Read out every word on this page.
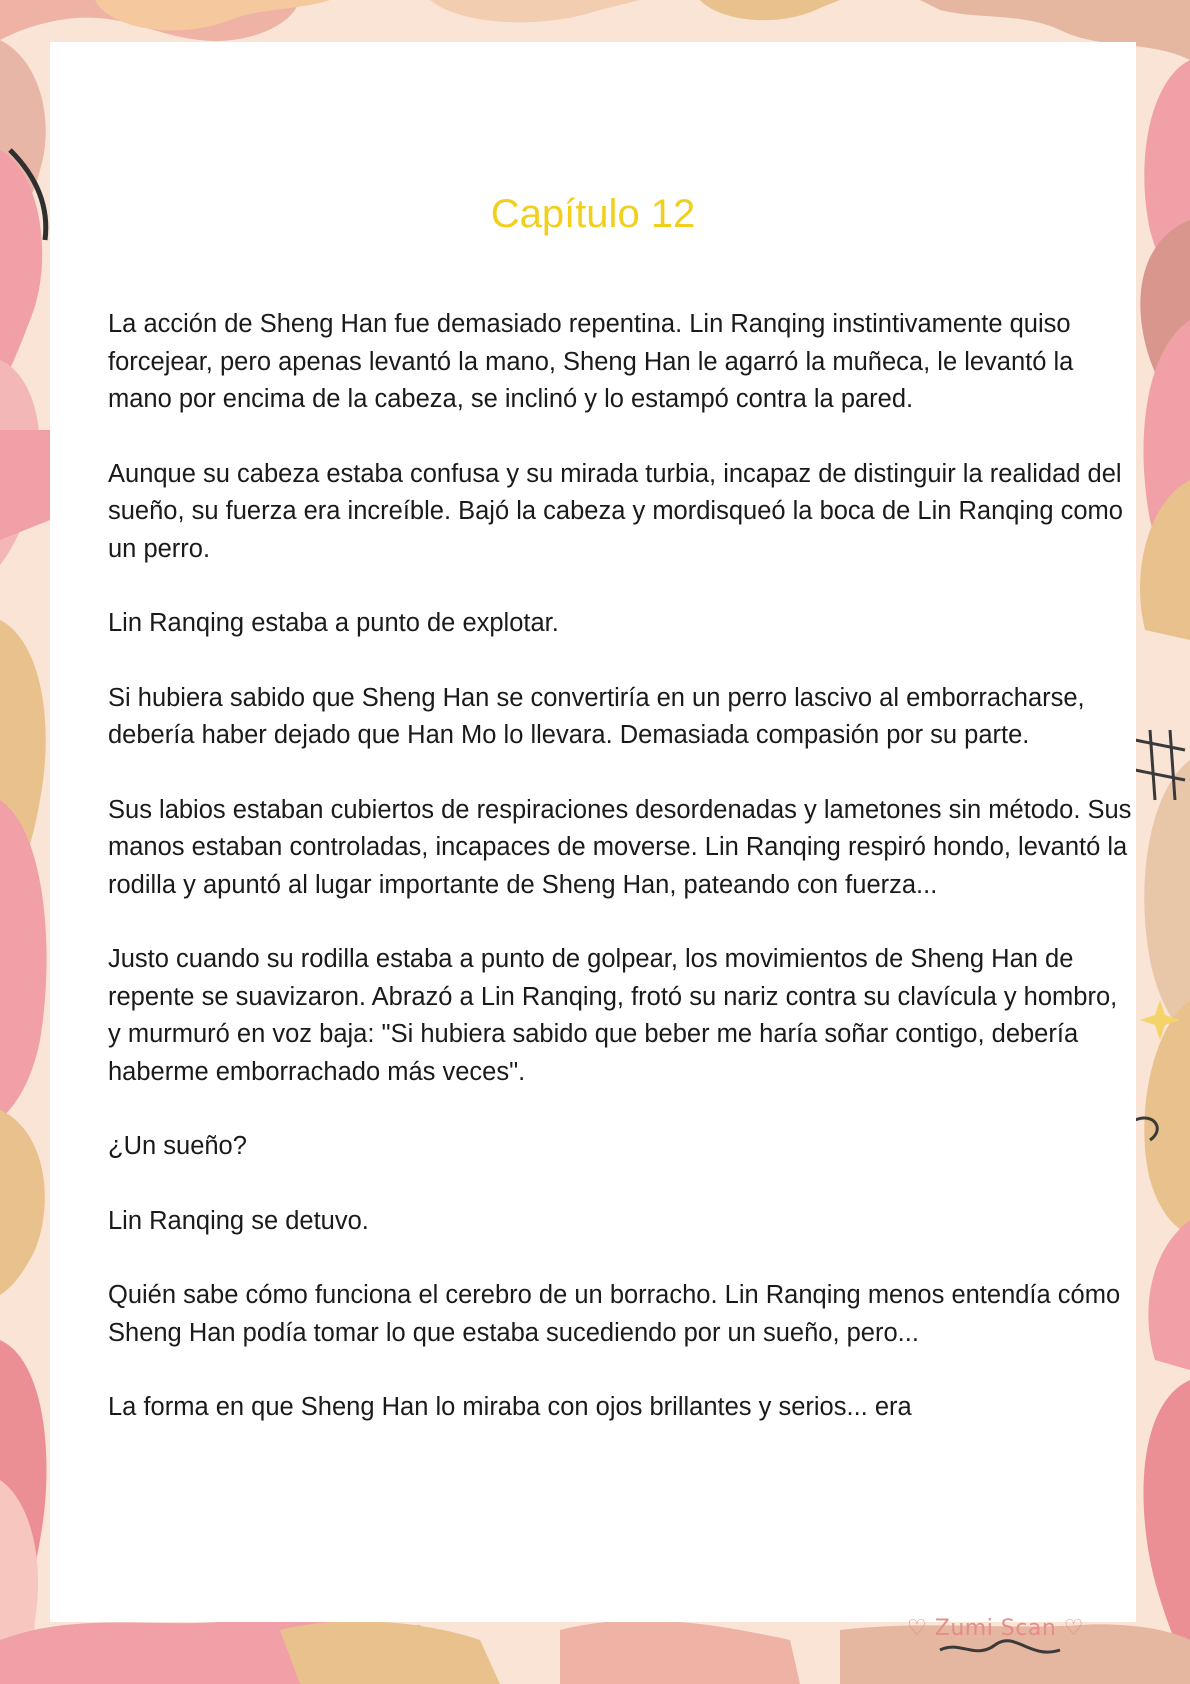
Capítulo 12

La acción de Sheng Han fue demasiado repentina. Lin Ranqing instintivamente quiso forcejear, pero apenas levantó la mano, Sheng Han le agarró la muñeca, le levantó la mano por encima de la cabeza, se inclinó y lo estampó contra la pared.

Aunque su cabeza estaba confusa y su mirada turbia, incapaz de distinguir la realidad del sueño, su fuerza era increíble. Bajó la cabeza y mordisqueó la boca de Lin Ranqing como un perro.

Lin Ranqing estaba a punto de explotar.

Si hubiera sabido que Sheng Han se convertiría en un perro lascivo al emborracharse, debería haber dejado que Han Mo lo llevara. Demasiada compasión por su parte.

Sus labios estaban cubiertos de respiraciones desordenadas y lametones sin método. Sus manos estaban controladas, incapaces de moverse. Lin Ranqing respiró hondo, levantó la rodilla y apuntó al lugar importante de Sheng Han, pateando con fuerza...

Justo cuando su rodilla estaba a punto de golpear, los movimientos de Sheng Han de repente se suavizaron. Abrazó a Lin Ranqing, frotó su nariz contra su clavícula y hombro, y murmuró en voz baja: "Si hubiera sabido que beber me haría soñar contigo, debería haberme emborrachado más veces".

¿Un sueño?

Lin Ranqing se detuvo.

Quién sabe cómo funciona el cerebro de un borracho. Lin Ranqing menos entendía cómo Sheng Han podía tomar lo que estaba sucediendo por un sueño, pero...

La forma en que Sheng Han lo miraba con ojos brillantes y serios... era

♡ Zumi Scan ♡
